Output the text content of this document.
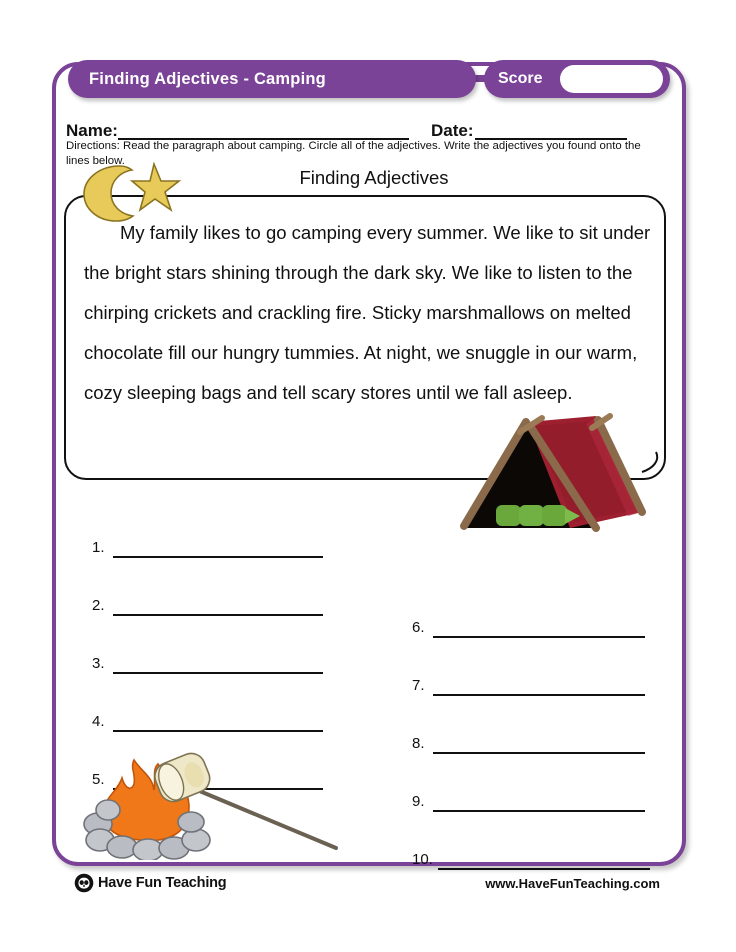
Finding Adjectives - Camping	Score
Name:	Date:
Directions: Read the paragraph about camping. Circle all of the adjectives. Write the adjectives you found onto the lines below.
Finding Adjectives
My family likes to go camping every summer. We like to sit under the bright stars shining through the dark sky. We like to listen to the chirping crickets and crackling fire. Sticky marshmallows on melted chocolate fill our hungry tummies. At night, we snuggle in our warm, cozy sleeping bags and tell scary stores until we fall asleep.
1.
2.
3.
4.
5.
6.
7.
8.
9.
10.
Have Fun Teaching	www.HaveFunTeaching.com
